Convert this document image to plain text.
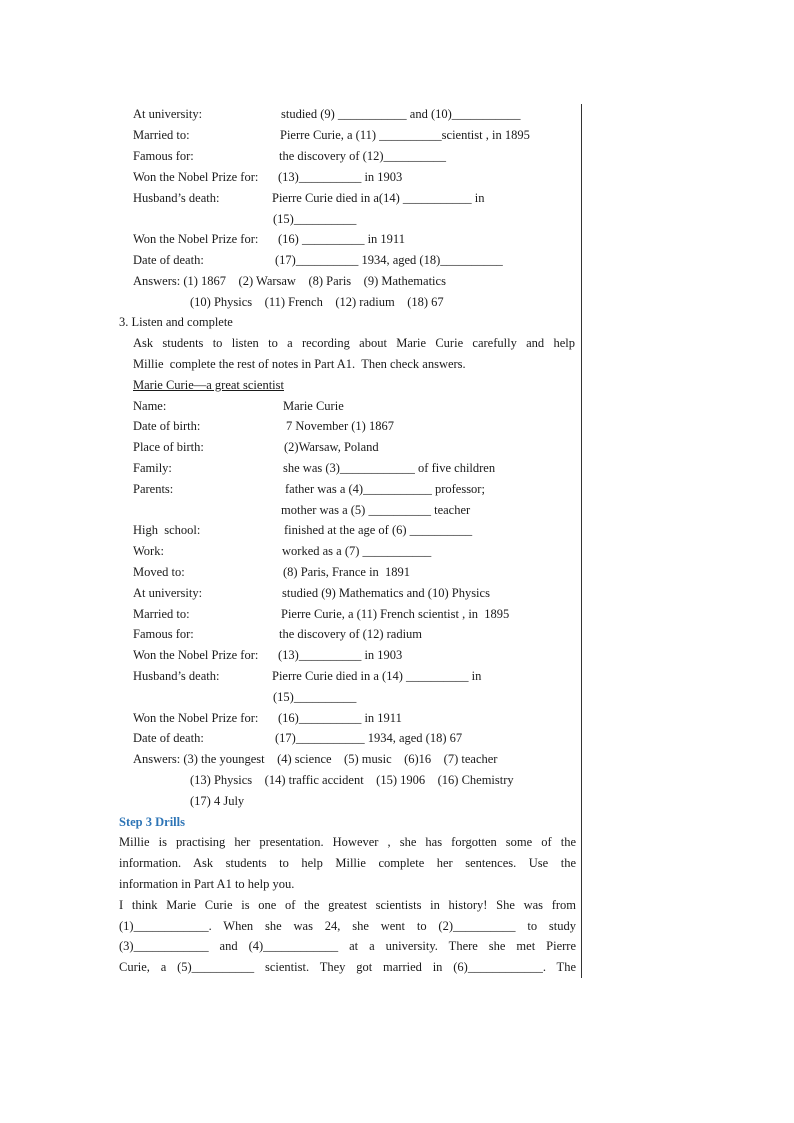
At university:	studied (9) ___________ and (10)___________
Married to:	Pierre Curie, a (11) __________scientist , in 1895
Famous for:	the discovery of (12)__________
Won the Nobel Prize for: (13)__________ in 1903
Husband’s death:	Pierre Curie died in a(14) ___________ in
(15)__________
Won the Nobel Prize for: (16) __________ in 1911
Date of death:	(17)__________ 1934, aged (18)__________
Answers: (1) 1867    (2) Warsaw    (8) Paris    (9) Mathematics
(10) Physics    (11) French    (12) radium    (18) 67
3. Listen and complete
Ask students to listen to a recording about Marie Curie carefully and help
Millie  complete the rest of notes in Part A1.  Then check answers.
Marie Curie—a great scientist
Name:	Marie Curie
Date of birth:	7 November (1) 1867
Place of birth:	(2)Warsaw, Poland
Family:	she was (3)____________ of five children
Parents:	father was a (4)___________ professor;
mother was a (5) __________ teacher
High  school:	finished at the age of (6) __________
Work:	worked as a (7) ___________
Moved to:	(8) Paris, France in  1891
At university:	studied (9) Mathematics and (10) Physics
Married to:	Pierre Curie, a (11) French scientist , in  1895
Famous for:	the discovery of (12) radium
Won the Nobel Prize for: (13)__________ in 1903
Husband’s death:	Pierre Curie died in a (14) __________ in
(15)__________
Won the Nobel Prize for: (16)__________ in 1911
Date of death:	(17)___________ 1934, aged (18) 67
Answers: (3) the youngest    (4) science    (5) music    (6)16    (7) teacher
(13) Physics    (14) traffic accident    (15) 1906    (16) Chemistry
(17) 4 July
Step 3 Drills
Millie is practising her presentation. However , she has forgotten some of the
information. Ask students to help Millie complete her sentences. Use the
information in Part A1 to help you.
I think Marie Curie is one of the greatest scientists in history! She was from
(1)____________. When she was 24, she went to (2)__________ to study
(3)____________ and (4)____________ at a university. There she met Pierre
Curie, a (5)__________ scientist. They got married in (6)____________. The
